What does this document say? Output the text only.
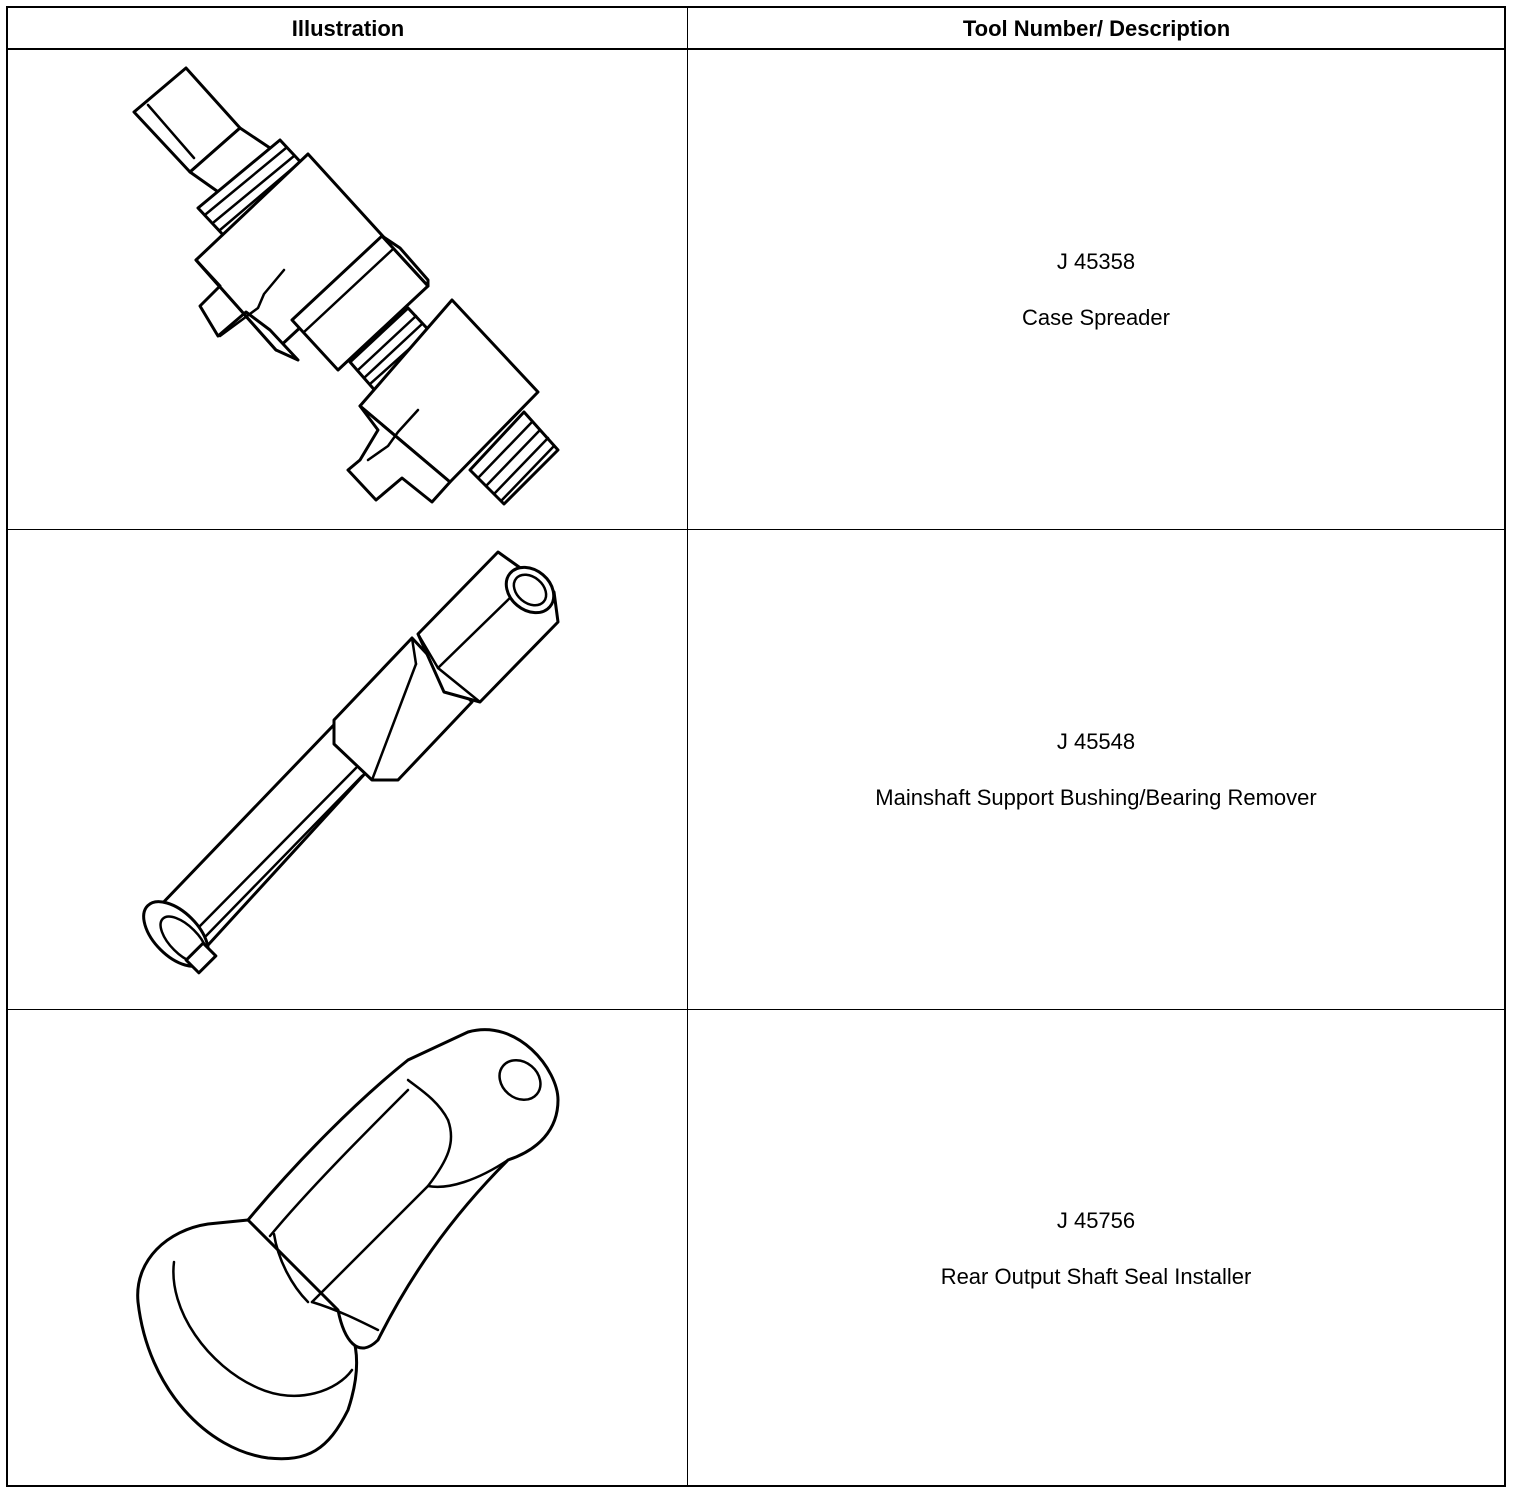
Illustration	Tool Number/ Description
J 45358
Case Spreader
J 45548
Mainshaft Support Bushing/Bearing Remover
J 45756
Rear Output Shaft Seal Installer
